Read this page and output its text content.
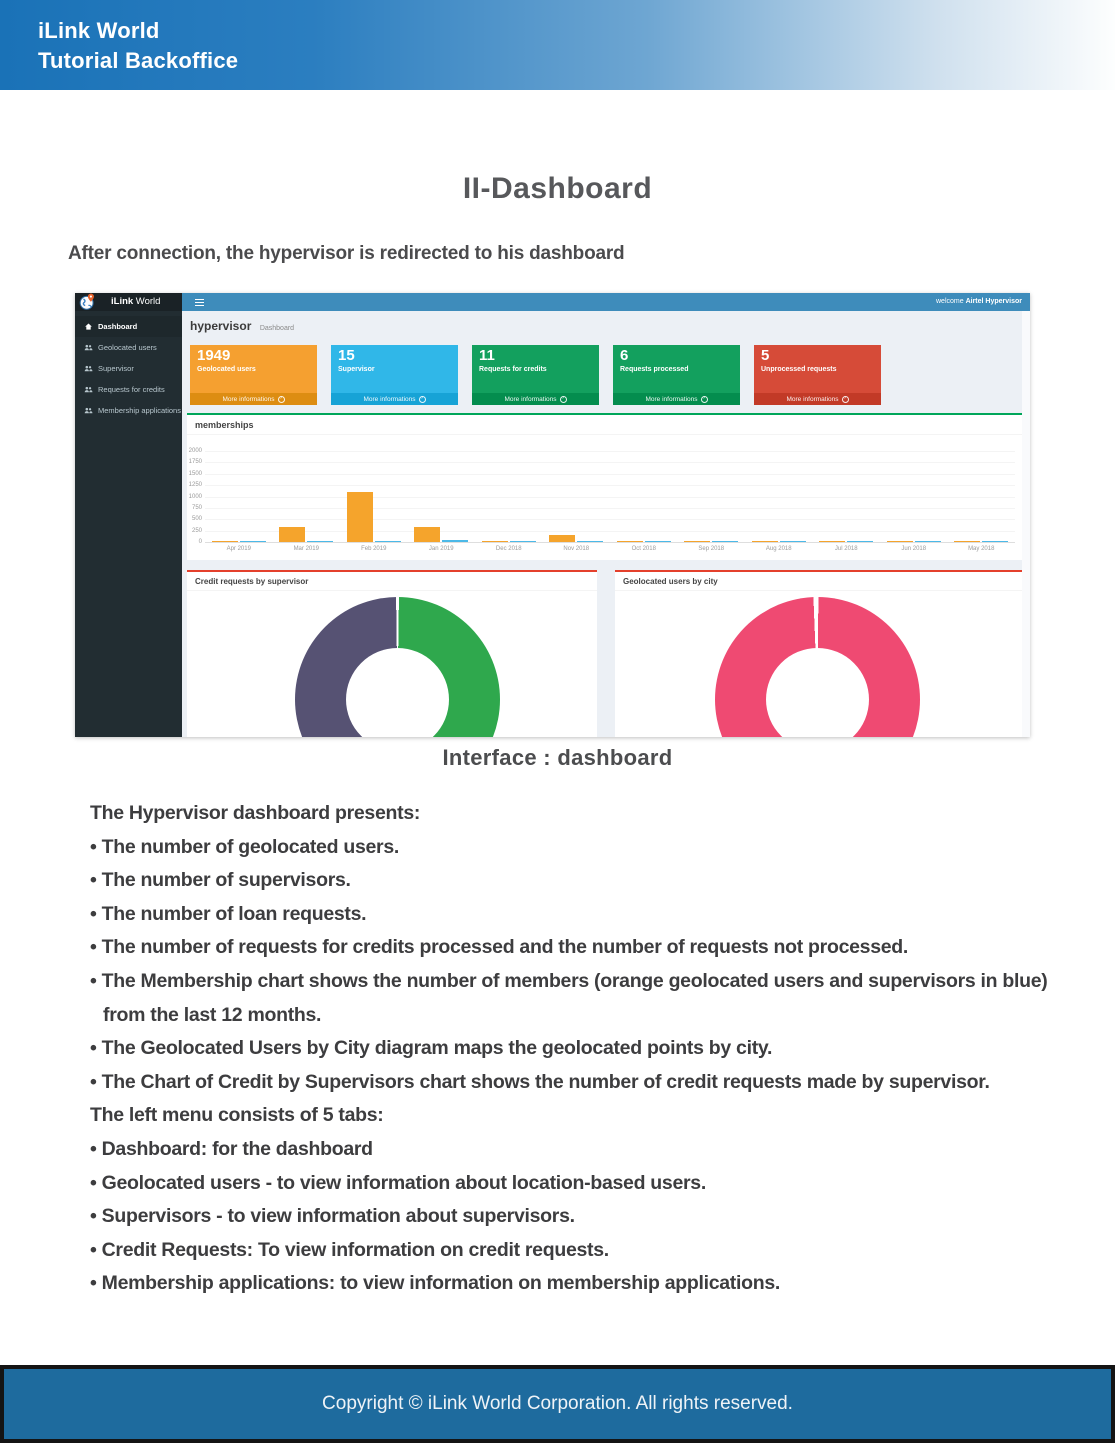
iLink World
Tutorial Backoffice
II-Dashboard

After connection, the hypervisor is redirected to his dashboard

iLink World	welcome Airtel Hypervisor
Dashboard
Geolocated users
Supervisor
Requests for credits
Membership applications
hypervisor Dashboard
1949
Geolocated users
More informations	›
15
Supervisor
More informations	›
11
Requests for credits
More informations	›
6
Requests processed
More informations	›
5
Unprocessed requests
More informations	›
memberships
2000
1750
1500
1250
1000
750
500
250
0
Apr 2019	Mar 2019	Feb 2019	Jan 2019	Dec 2018	Nov 2018	Oct 2018	Sep 2018	Aug 2018	Jul 2018	Jun 2018	May 2018
Credit requests by supervisor	Geolocated users by city
Interface : dashboard
The Hypervisor dashboard presents:
• The number of geolocated users.
• The number of supervisors.
• The number of loan requests.
• The number of requests for credits processed and the number of requests not processed.
• The Membership chart shows the number of members (orange geolocated users and supervisors in blue)
from the last 12 months.
• The Geolocated Users by City diagram maps the geolocated points by city.
• The Chart of Credit by Supervisors chart shows the number of credit requests made by supervisor.
The left menu consists of 5 tabs:
• Dashboard: for the dashboard
• Geolocated users - to view information about location-based users.
• Supervisors - to view information about supervisors.
• Credit Requests: To view information on credit requests.
• Membership applications: to view information on membership applications.
Copyright © iLink World Corporation. All rights reserved.
